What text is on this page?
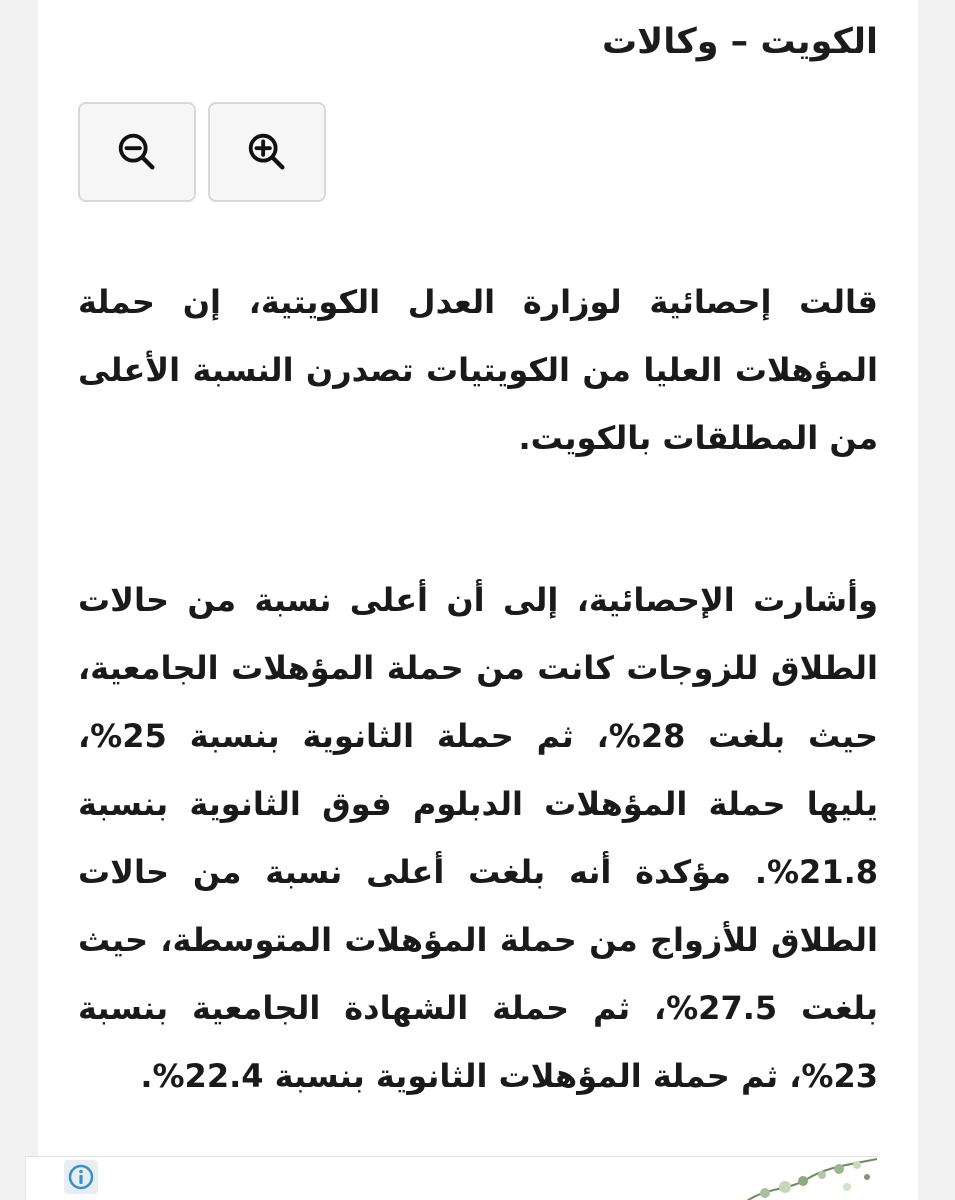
الكويت – وكالات

قالت إحصائية لوزارة العدل الكويتية، إن حملة المؤهلات العليا من الكويتيات تصدرن النسبة الأعلى من المطلقات بالكويت.

وأشارت الإحصائية، إلى أن أعلى نسبة من حالات الطلاق للزوجات كانت من حملة المؤهلات الجامعية، حيث بلغت 28%، ثم حملة الثانوية بنسبة 25%، يليها حملة المؤهلات الدبلوم فوق الثانوية بنسبة 21.8%. مؤكدة أنه بلغت أعلى نسبة من حالات الطلاق للأزواج من حملة المؤهلات المتوسطة، حيث بلغت 27.5%، ثم حملة الشهادة الجامعية بنسبة 23%، ثم حملة المؤهلات الثانوية بنسبة 22.4%.
